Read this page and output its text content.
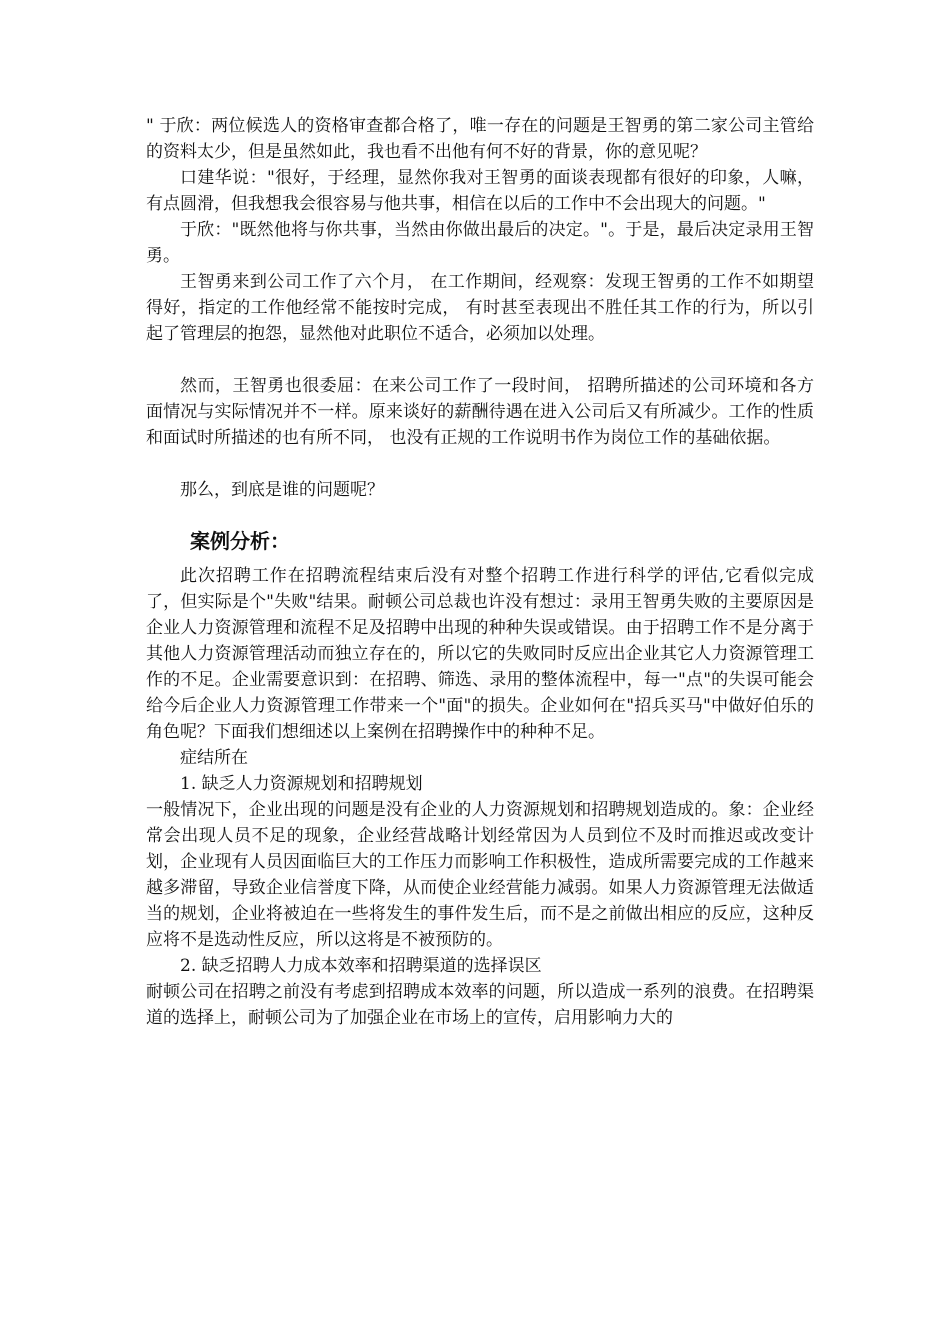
" 于欣：两位候选人的资格审查都合格了，唯一存在的问题是王智勇的第二家公司主管给的资料太少，但是虽然如此，我也看不出他有何不好的背景，你的意见呢？

口建华说："很好，于经理，显然你我对王智勇的面谈表现都有很好的印象，人嘛，有点圆滑，但我想我会很容易与他共事，相信在以后的工作中不会出现大的问题。"

于欣："既然他将与你共事，当然由你做出最后的决定。"。于是，最后决定录用王智勇。

王智勇来到公司工作了六个月， 在工作期间，经观察：发现王智勇的工作不如期望得好，指定的工作他经常不能按时完成， 有时甚至表现出不胜任其工作的行为，所以引起了管理层的抱怨，显然他对此职位不适合，必须加以处理。

然而，王智勇也很委屈：在来公司工作了一段时间， 招聘所描述的公司环境和各方面情况与实际情况并不一样。原来谈好的薪酬待遇在进入公司后又有所减少。工作的性质和面试时所描述的也有所不同， 也没有正规的工作说明书作为岗位工作的基础依据。

那么，到底是谁的问题呢？

案例分析：

此次招聘工作在招聘流程结束后没有对整个招聘工作进行科学的评估,它看似完成了，但实际是个"失败"结果。耐顿公司总裁也许没有想过：录用王智勇失败的主要原因是企业人力资源管理和流程不足及招聘中出现的种种失误或错误。由于招聘工作不是分离于其他人力资源管理活动而独立存在的，所以它的失败同时反应出企业其它人力资源管理工作的不足。企业需要意识到：在招聘、筛选、录用的整体流程中，每一"点"的失误可能会给今后企业人力资源管理工作带来一个"面"的损失。企业如何在"招兵买马"中做好伯乐的角色呢？下面我们想细述以上案例在招聘操作中的种种不足。

症结所在

1. 缺乏人力资源规划和招聘规划

一般情况下，企业出现的问题是没有企业的人力资源规划和招聘规划造成的。象：企业经常会出现人员不足的现象，企业经营战略计划经常因为人员到位不及时而推迟或改变计划，企业现有人员因面临巨大的工作压力而影响工作积极性，造成所需要完成的工作越来越多滞留，导致企业信誉度下降，从而使企业经营能力减弱。如果人力资源管理无法做适当的规划，企业将被迫在一些将发生的事件发生后，而不是之前做出相应的反应，这种反应将不是选动性反应，所以这将是不被预防的。

2. 缺乏招聘人力成本效率和招聘渠道的选择误区

耐顿公司在招聘之前没有考虑到招聘成本效率的问题，所以造成一系列的浪费。在招聘渠道的选择上，耐顿公司为了加强企业在市场上的宣传，启用影响力大的
